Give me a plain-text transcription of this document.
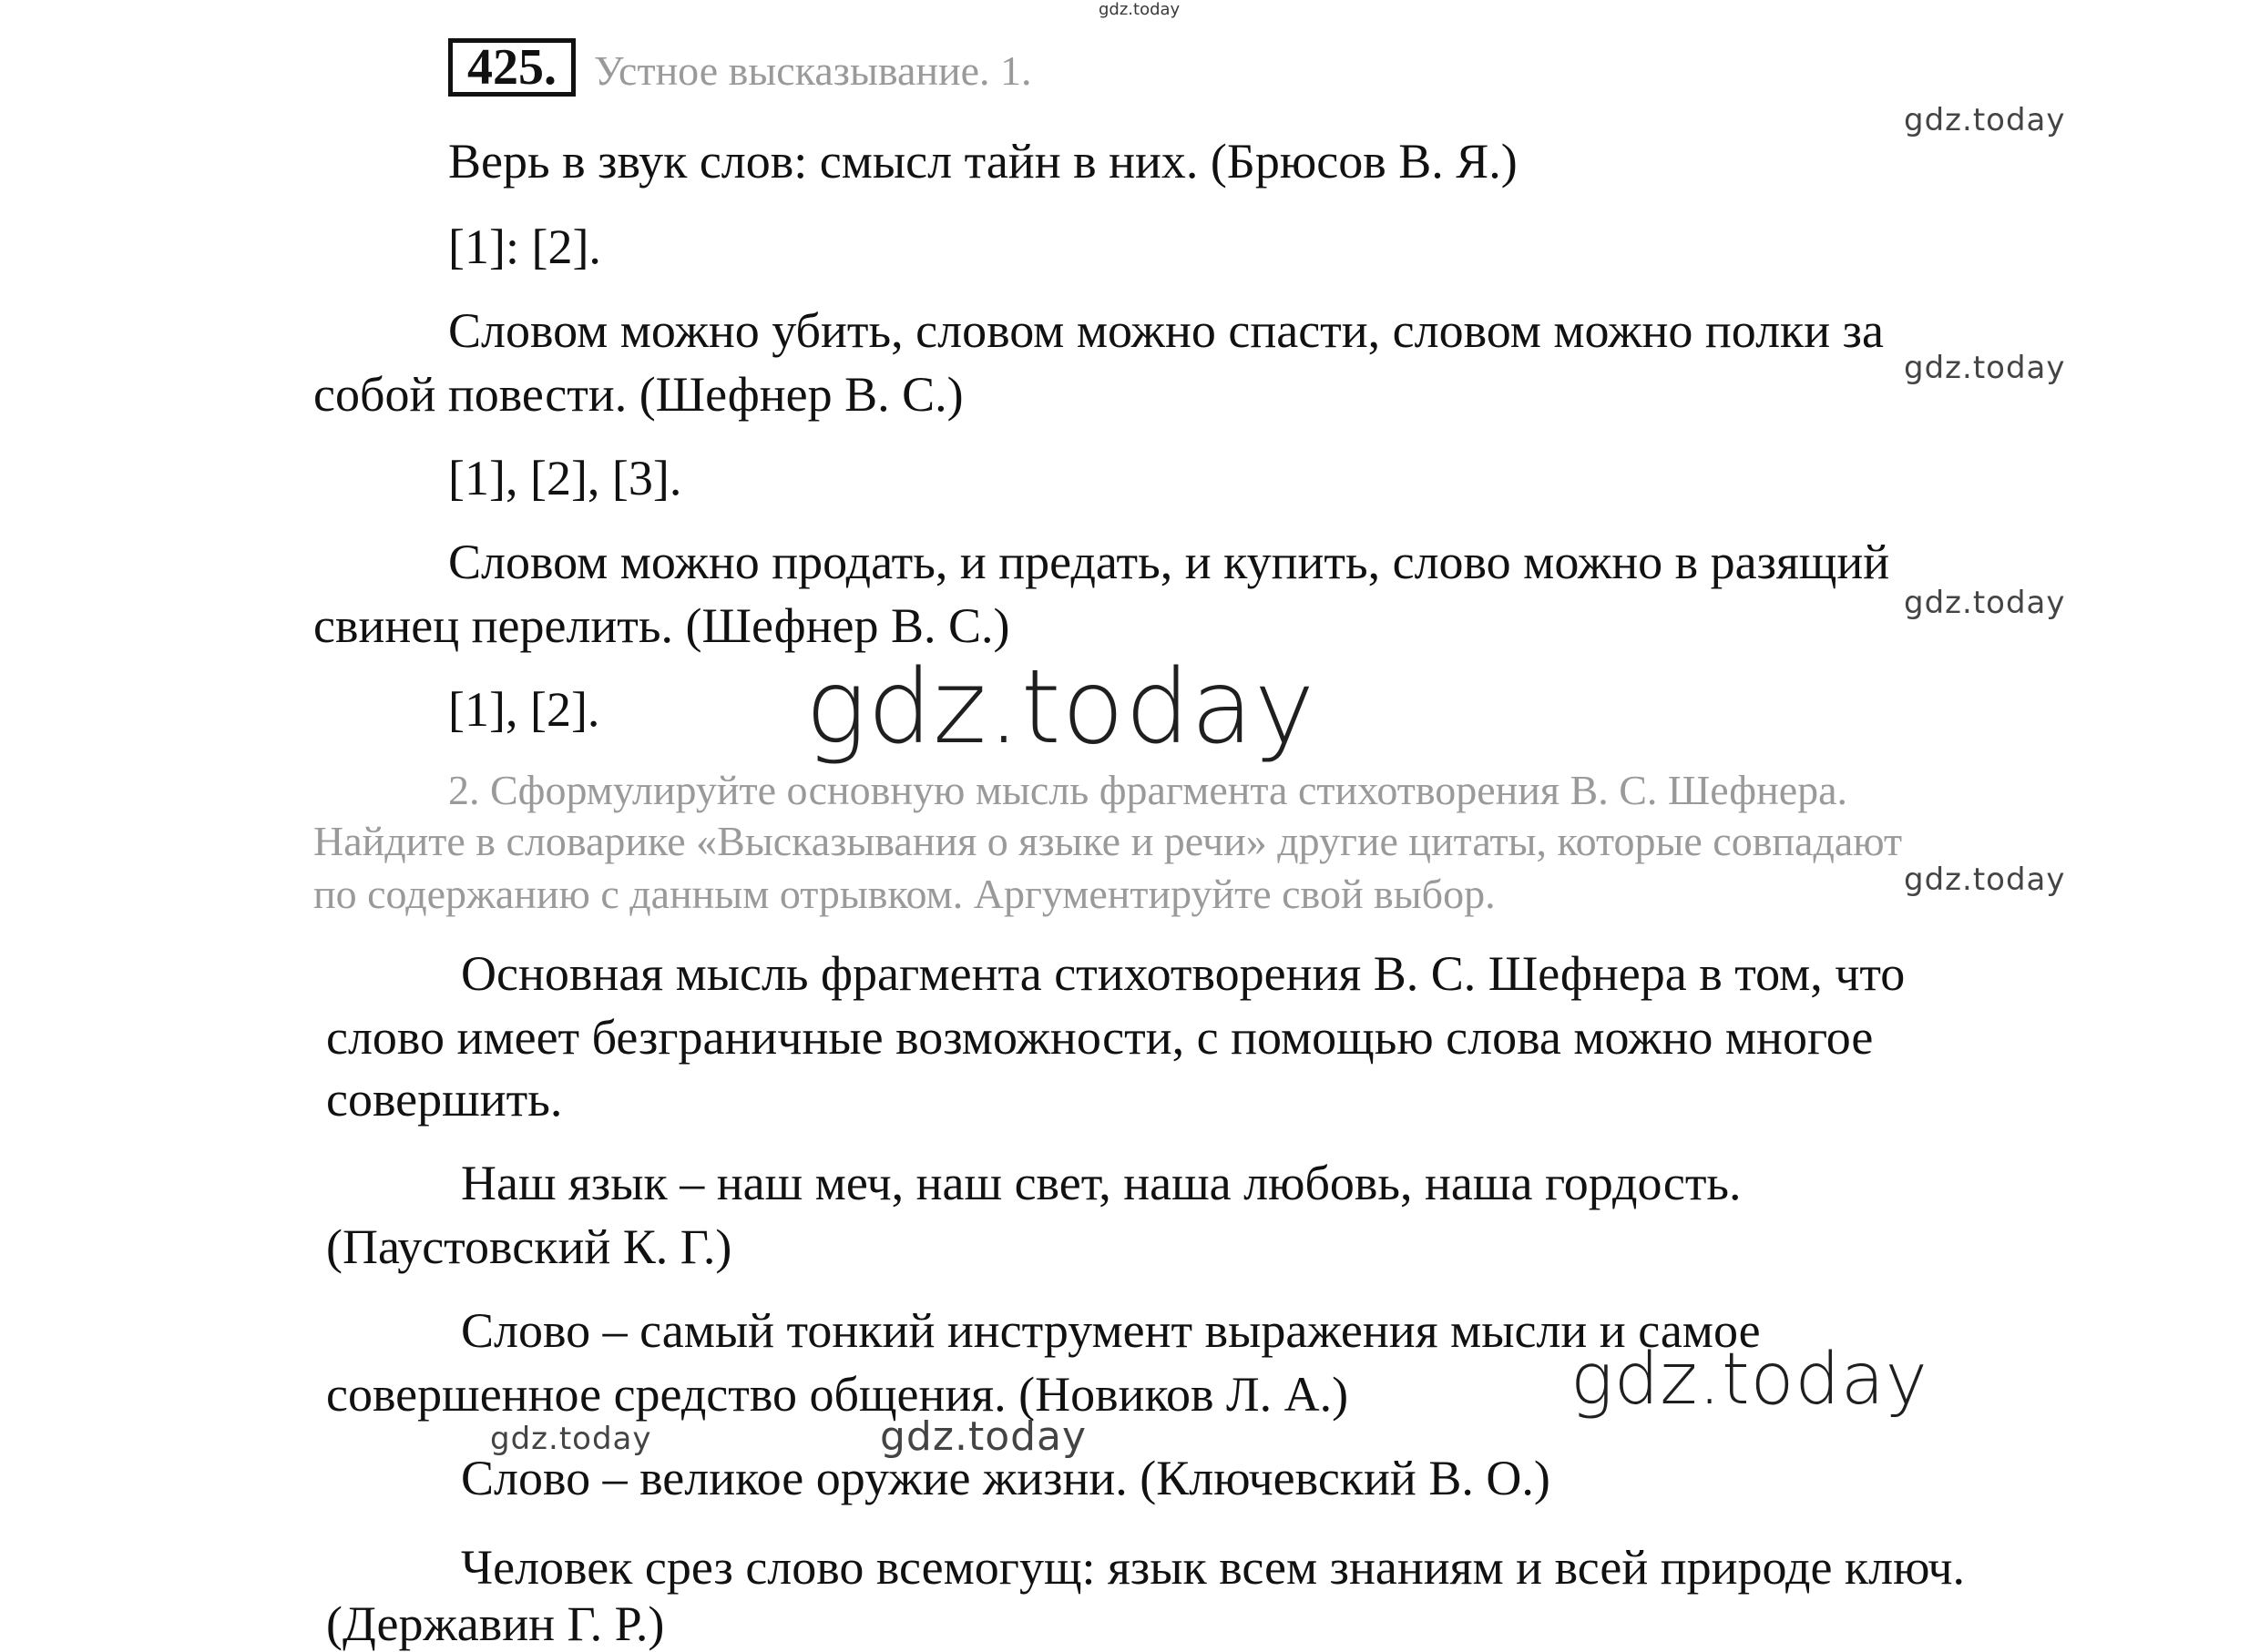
gdz.today
425. Устное высказывание. 1.
Верь в звук слов: смысл тайн в них. (Брюсов В. Я.)
[1]: [2].
Словом можно убить, словом можно спасти, словом можно полки за
собой повести. (Шефнер В. С.)
[1], [2], [3].
Словом можно продать, и предать, и купить, слово можно в разящий
свинец перелить. (Шефнер В. С.)
[1], [2].
2. Сформулируйте основную мысль фрагмента стихотворения В. С. Шефнера.
Найдите в словарике «Высказывания о языке и речи» другие цитаты, которые совпадают
по содержанию с данным отрывком. Аргументируйте свой выбор.
Основная мысль фрагмента стихотворения В. С. Шефнера в том, что
слово имеет безграничные возможности, с помощью слова можно многое
совершить.
Наш язык – наш меч, наш свет, наша любовь, наша гордость.
(Паустовский К. Г.)
Слово – самый тонкий инструмент выражения мысли и самое
совершенное средство общения. (Новиков Л. А.)
Слово – великое оружие жизни. (Ключевский В. О.)
Человек срез слово всемогущ: язык всем знаниям и всей природе ключ.
(Державин Г. Р.)
gdz.today
gdz.today
gdz.today
gdz.today
gdz.today	gdz.today
gdz.today
gdz.today
